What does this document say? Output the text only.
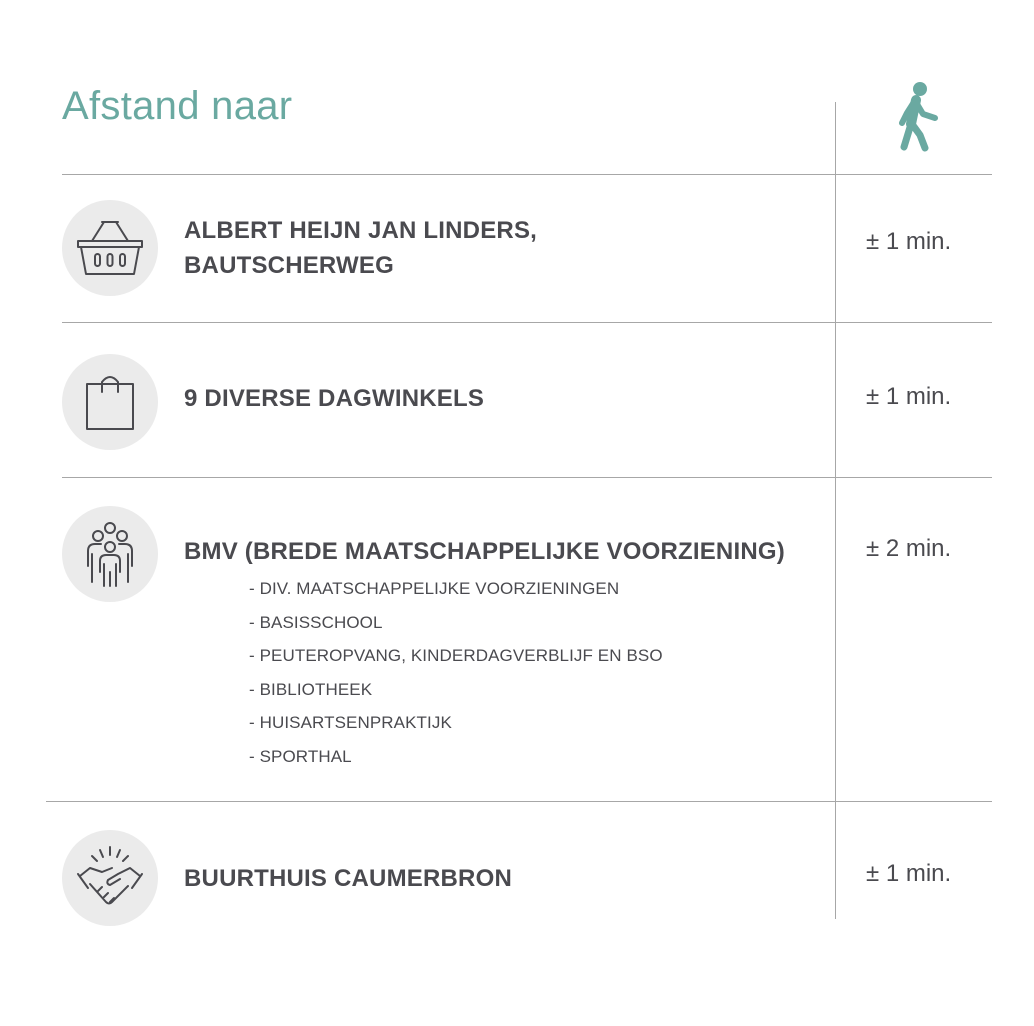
Afstand naar
ALBERT HEIJN JAN LINDERS,
BAUTSCHERWEG
± 1 min.
9 DIVERSE DAGWINKELS	± 1 min.
BMV (BREDE MAATSCHAPPELIJKE VOORZIENING)
- DIV. MAATSCHAPPELIJKE VOORZIENINGEN
- BASISSCHOOL
- PEUTEROPVANG, KINDERDAGVERBLIJF EN BSO
- BIBLIOTHEEK
- HUISARTSENPRAKTIJK
- SPORTHAL
± 2 min.
BUURTHUIS CAUMERBRON	± 1 min.
